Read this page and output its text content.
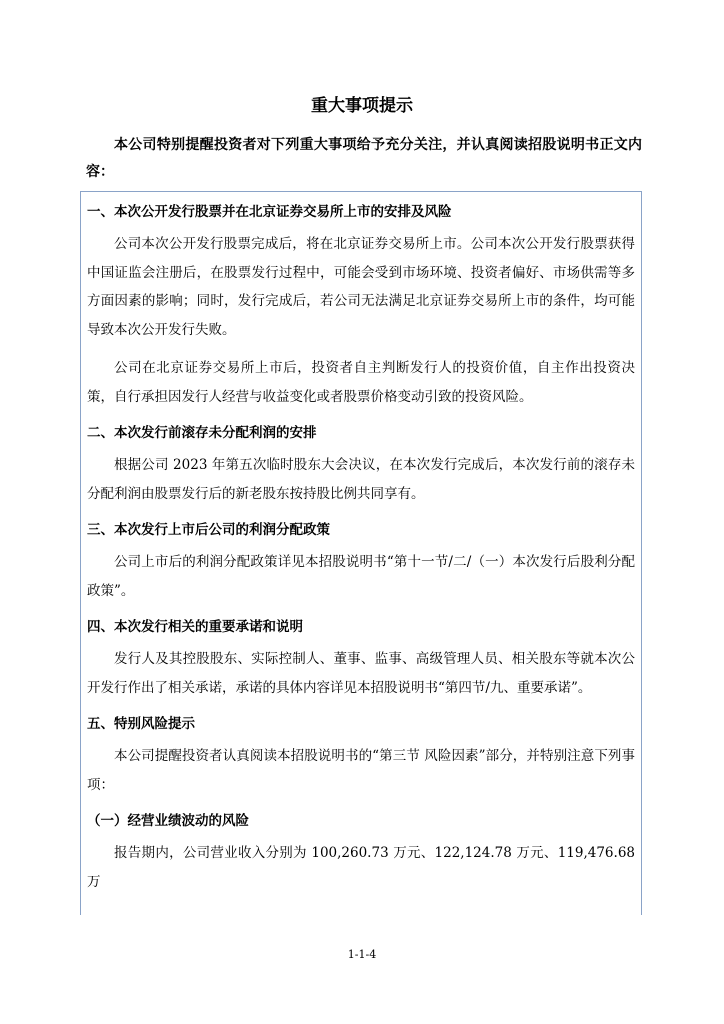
重大事项提示

本公司特别提醒投资者对下列重大事项给予充分关注，并认真阅读招股说明书正文内容：

一、本次公开发行股票并在北京证券交易所上市的安排及风险

公司本次公开发行股票完成后，将在北京证券交易所上市。公司本次公开发行股票获得中国证监会注册后，在股票发行过程中，可能会受到市场环境、投资者偏好、市场供需等多方面因素的影响；同时，发行完成后，若公司无法满足北京证券交易所上市的条件，均可能导致本次公开发行失败。

公司在北京证券交易所上市后，投资者自主判断发行人的投资价值，自主作出投资决策，自行承担因发行人经营与收益变化或者股票价格变动引致的投资风险。

二、本次发行前滚存未分配利润的安排

根据公司 2023 年第五次临时股东大会决议，在本次发行完成后，本次发行前的滚存未分配利润由股票发行后的新老股东按持股比例共同享有。

三、本次发行上市后公司的利润分配政策

公司上市后的利润分配政策详见本招股说明书“第十一节/二/（一）本次发行后股利分配政策”。

四、本次发行相关的重要承诺和说明

发行人及其控股股东、实际控制人、董事、监事、高级管理人员、相关股东等就本次公开发行作出了相关承诺，承诺的具体内容详见本招股说明书“第四节/九、重要承诺”。

五、特别风险提示

本公司提醒投资者认真阅读本招股说明书的“第三节 风险因素”部分，并特别注意下列事项：

（一）经营业绩波动的风险

报告期内，公司营业收入分别为 100,260.73 万元、122,124.78 万元、119,476.68 万

1-1-4
